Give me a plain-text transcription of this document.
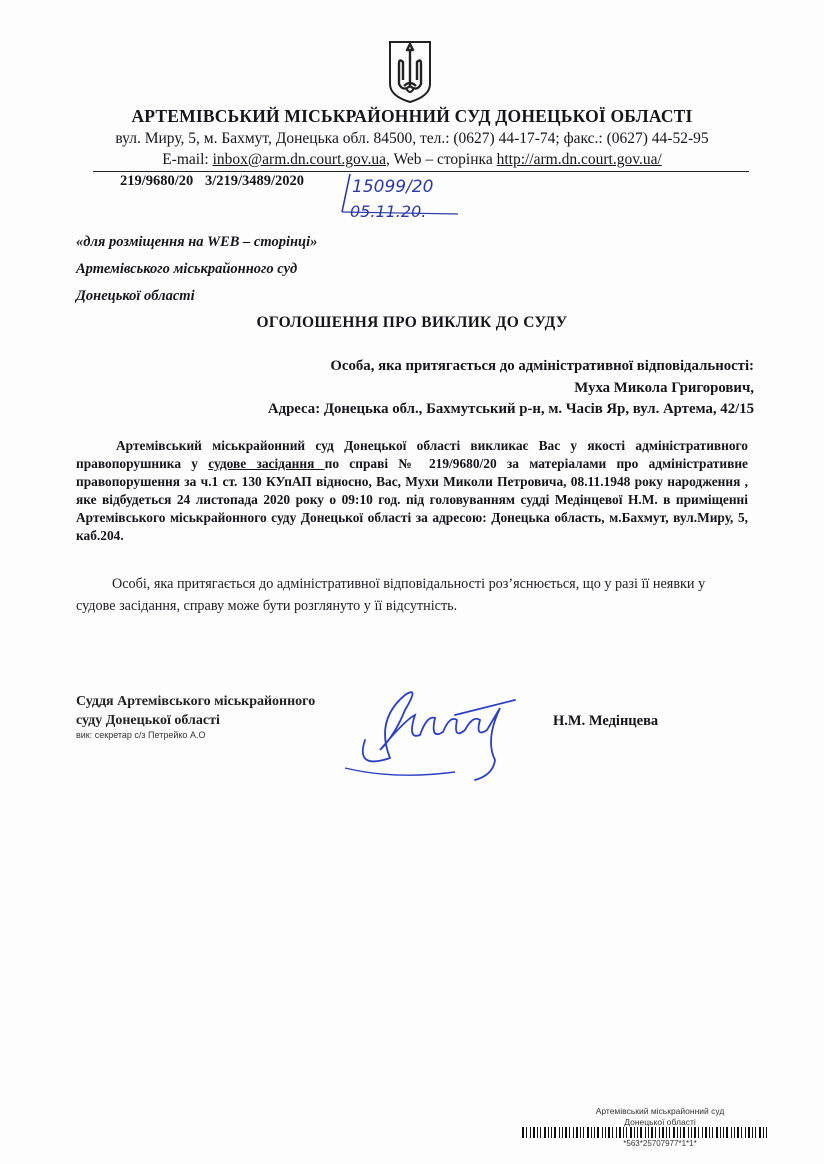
АРТЕМІВСЬКИЙ МІСЬКРАЙОННИЙ СУД ДОНЕЦЬКОЇ ОБЛАСТІ
вул. Миру, 5, м. Бахмут, Донецька обл. 84500, тел.: (0627) 44-17-74; факс.: (0627) 44-52-95
E-mail: inbox@arm.dn.court.gov.ua, Web – сторінка http://arm.dn.court.gov.ua/
219/9680/20 3/219/3489/2020	15099/20
05.11.20.
«для розміщення на WEB – сторінці»
Артемівського міськрайонного суд
Донецької області
ОГОЛОШЕННЯ ПРО ВИКЛИК ДО СУДУ
Особа, яка притягається до адміністративної відповідальності:
Муха Микола Григорович,
Адреса: Донецька обл., Бахмутський р-н, м. Часів Яр, вул. Артема, 42/15
Артемівський міськрайонний суд Донецької області викликає Вас у якості адміністративного правопорушника у судове засідання по справі № 219/9680/20 за матеріалами про адміністративне правопорушення за ч.1 ст. 130 КУпАП відносно, Вас, Мухи Миколи Петровича, 08.11.1948 року народження , яке відбудеться 24 листопада 2020 року о 09:10 год. під головуванням судді Медінцевої Н.М. в приміщенні Артемівського міськрайонного суду Донецької області за адресою: Донецька область, м.Бахмут, вул.Миру, 5, каб.204.
Особі, яка притягається до адміністративної відповідальності роз’яснюється, що у разі її неявки у судове засідання, справу може бути розглянуто у її відсутність.
Суддя Артемівського міськрайонного
суду Донецької області
вик: секретар с/з Петрейко А.О
Н.М. Медінцева
Артемівський міськрайонний суд
Донецької області
*563*25707977*1*1*
